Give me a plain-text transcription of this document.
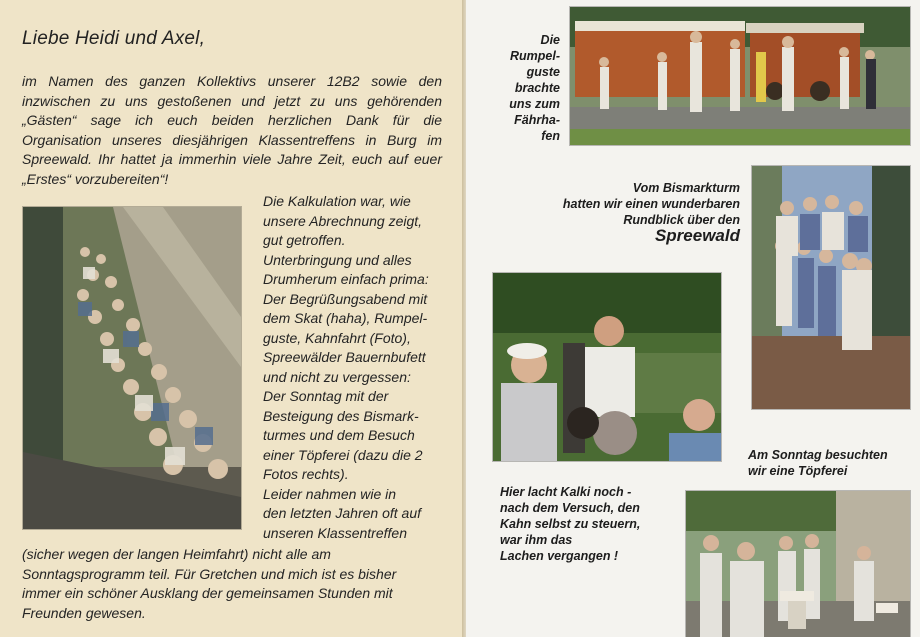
Liebe Heidi und Axel,

im Namen des ganzen Kollektivs unserer 12B2 sowie den inzwischen zu uns gestoßenen und jetzt zu uns gehörenden „Gästen“ sage ich euch beiden herzlichen Dank für die Organisation unseres diesjährigen Klassentreffens in Burg im Spreewald. Ihr hattet ja immerhin viele Jahre Zeit, euch auf euer „Erstes“ vorzubereiten“!

Die Kalkulation war, wie
unsere Abrechnung zeigt,
gut getroffen.
Unterbringung und alles
Drumherum einfach prima:
Der Begrüßungsabend mit
dem Skat (haha), Rumpel-
guste, Kahnfahrt (Foto),
Spreewälder Bauernbufett
und nicht zu vergessen:
Der Sonntag mit der
Besteigung des Bismark-
turmes und dem Besuch
einer Töpferei (dazu die 2
Fotos rechts).
Leider nahmen wie in
den letzten Jahren oft auf
unseren Klassentreffen

(sicher wegen der langen Heimfahrt) nicht alle am
Sonntagsprogramm teil. Für Gretchen und mich ist es bisher
immer ein schöner Ausklang der gemeinsamen Stunden mit
Freunden gewesen.

Die
Rumpel-
guste
brachte
uns zum
Fährha-
fen
Vom Bismarkturm
hatten wir einen wunderbaren
Rundblick über den
Spreewald
Hier lacht Kalki noch -
nach dem Versuch, den
Kahn selbst zu steuern,
war ihm das
Lachen vergangen !
Am Sonntag besuchten
wir eine Töpferei
